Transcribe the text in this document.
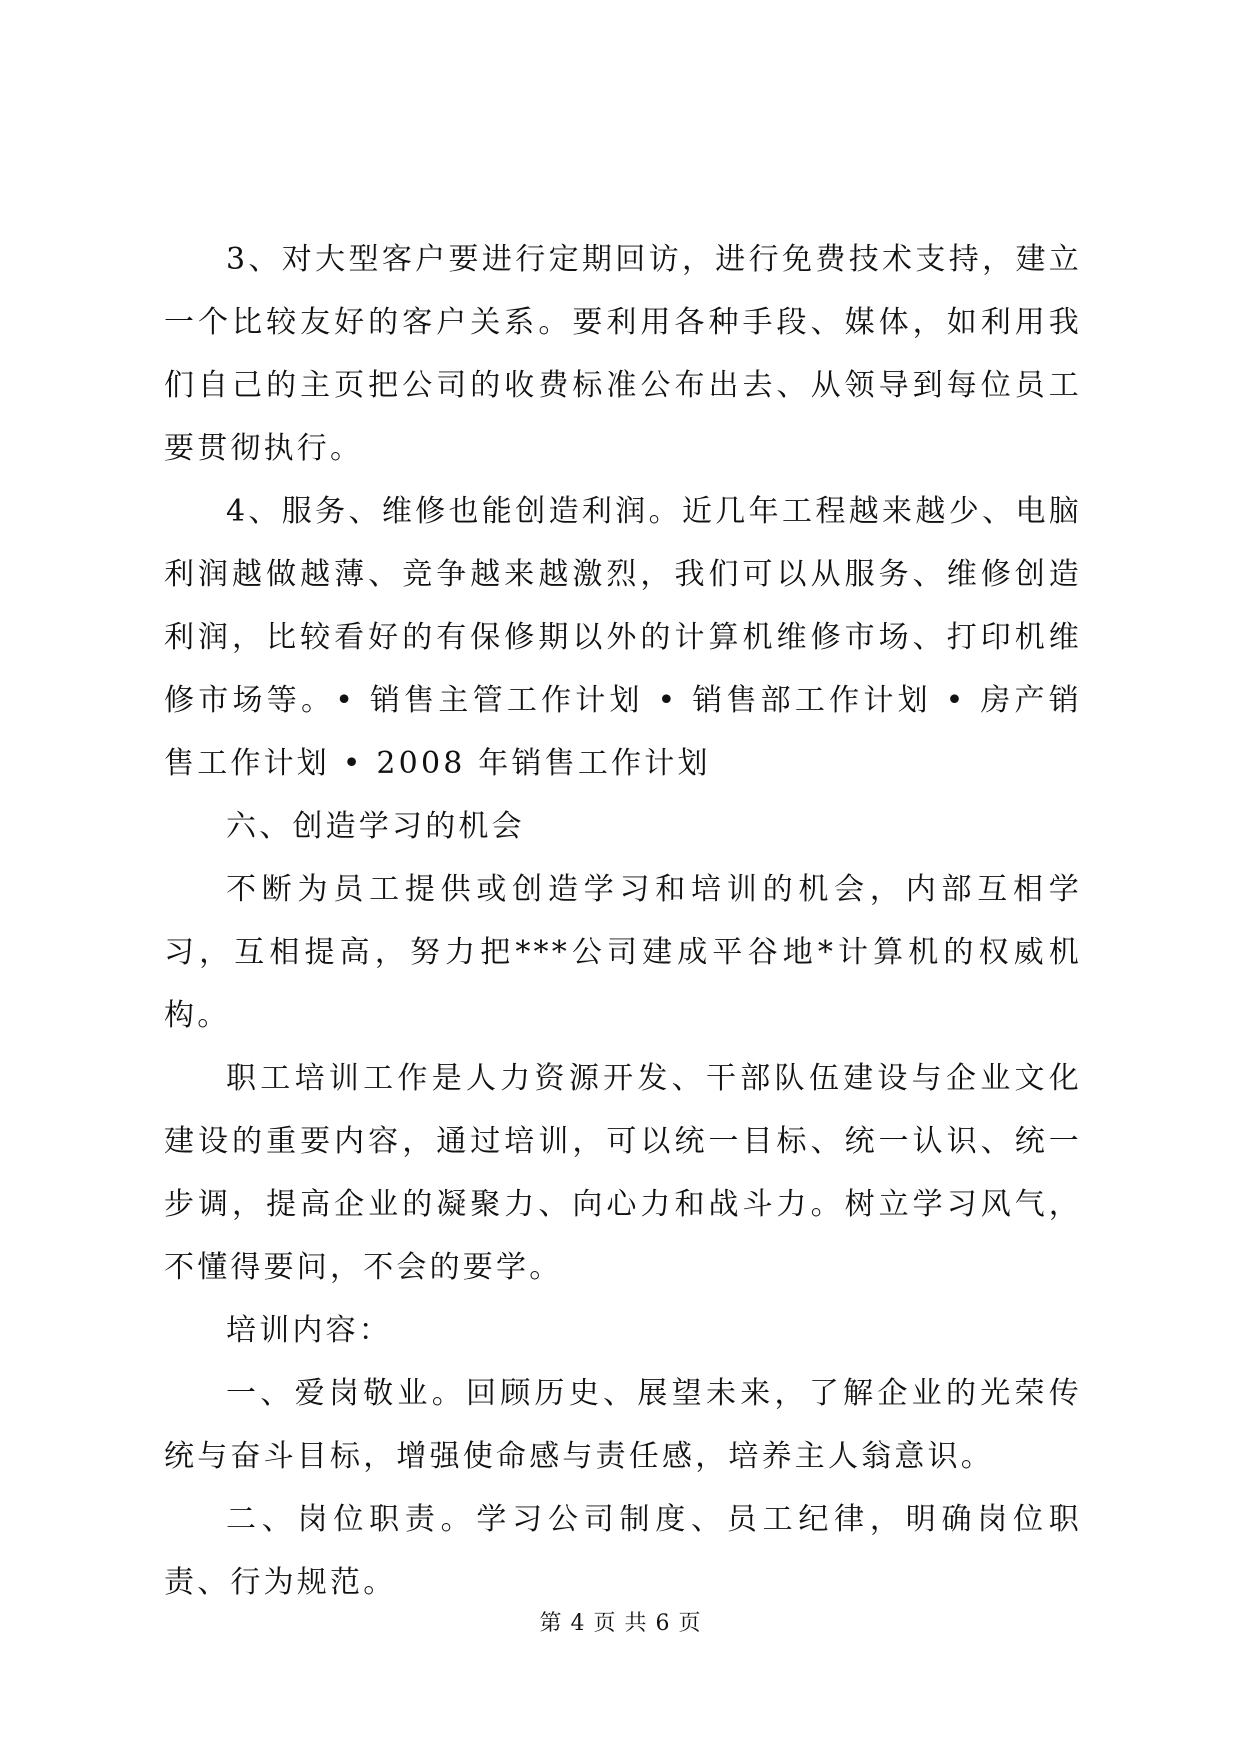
3、对大型客户要进行定期回访，进行免费技术支持，建立一个比较友好的客户关系。要利用各种手段、媒体，如利用我们自己的主页把公司的收费标准公布出去、从领导到每位员工要贯彻执行。

4、服务、维修也能创造利润。近几年工程越来越少、电脑利润越做越薄、竞争越来越激烈，我们可以从服务、维修创造利润，比较看好的有保修期以外的计算机维修市场、打印机维修市场等。• 销售主管工作计划 • 销售部工作计划 • 房产销售工作计划 • 2008 年销售工作计划

六、创造学习的机会

不断为员工提供或创造学习和培训的机会，内部互相学习，互相提高，努力把***公司建成平谷地*计算机的权威机构。

职工培训工作是人力资源开发、干部队伍建设与企业文化建设的重要内容，通过培训，可以统一目标、统一认识、统一步调，提高企业的凝聚力、向心力和战斗力。树立学习风气，不懂得要问，不会的要学。

培训内容：

一、爱岗敬业。回顾历史、展望未来，了解企业的光荣传统与奋斗目标，增强使命感与责任感，培养主人翁意识。

二、岗位职责。学习公司制度、员工纪律，明确岗位职责、行为规范。

第 4 页 共 6 页
